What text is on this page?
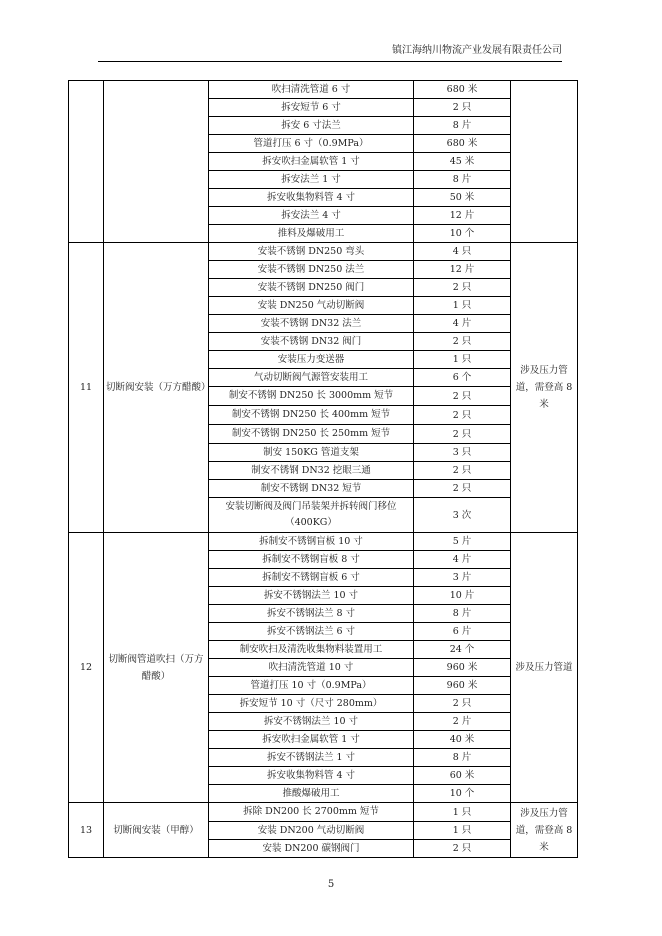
镇江海纳川物流产业发展有限责任公司
		吹扫清洗管道 6 寸	680 米	
		拆安短节 6 寸	2 只	
		拆安 6 寸法兰	8 片	
		管道打压 6 寸（0.9MPa）	680 米	
		拆安吹扫金属软管 1 寸	45 米	
		拆安法兰 1 寸	8 片	
		拆安收集物料管 4 寸	50 米	
		拆安法兰 4 寸	12 片	
		推料及爆破用工	10 个	
11	切断阀安装（万方醋酸）	安装不锈钢 DN250 弯头	4 只	涉及压力管道，需登高 8 米
		安装不锈钢 DN250 法兰	12 片	
		安装不锈钢 DN250 阀门	2 只	
		安装 DN250 气动切断阀	1 只	
		安装不锈钢 DN32 法兰	4 片	
		安装不锈钢 DN32 阀门	2 只	
		安装压力变送器	1 只	
		气动切断阀气源管安装用工	6 个	
		制安不锈钢 DN250 长 3000mm 短节	2 只	
		制安不锈钢 DN250 长 400mm 短节	2 只	
		制安不锈钢 DN250 长 250mm 短节	2 只	
		制安 150KG 管道支架	3 只	
		制安不锈钢 DN32 挖眼三通	2 只	
		制安不锈钢 DN32 短节	2 只	
		安装切断阀及阀门吊装架并拆转阀门移位（400KG）	3 次	
12	切断阀管道吹扫（万方醋酸）	拆制安不锈钢盲板 10 寸	5 片	涉及压力管道
		拆制安不锈钢盲板 8 寸	4 片	
		拆制安不锈钢盲板 6 寸	3 片	
		拆安不锈钢法兰 10 寸	10 片	
		拆安不锈钢法兰 8 寸	8 片	
		拆安不锈钢法兰 6 寸	6 片	
		制安吹扫及清洗收集物料装置用工	24 个	
		吹扫清洗管道 10 寸	960 米	
		管道打压 10 寸（0.9MPa）	960 米	
		拆安短节 10 寸（尺寸 280mm）	2 只	
		拆安不锈钢法兰 10 寸	2 片	
		拆安吹扫金属软管 1 寸	40 米	
		拆安不锈钢法兰 1 寸	8 片	
		拆安收集物料管 4 寸	60 米	
		推酸爆破用工	10 个	
13	切断阀安装（甲醇）	拆除 DN200 长 2700mm 短节	1 只	涉及压力管道，需登高 8 米
		安装 DN200 气动切断阀	1 只	
		安装 DN200 碳钢阀门	2 只	
5
